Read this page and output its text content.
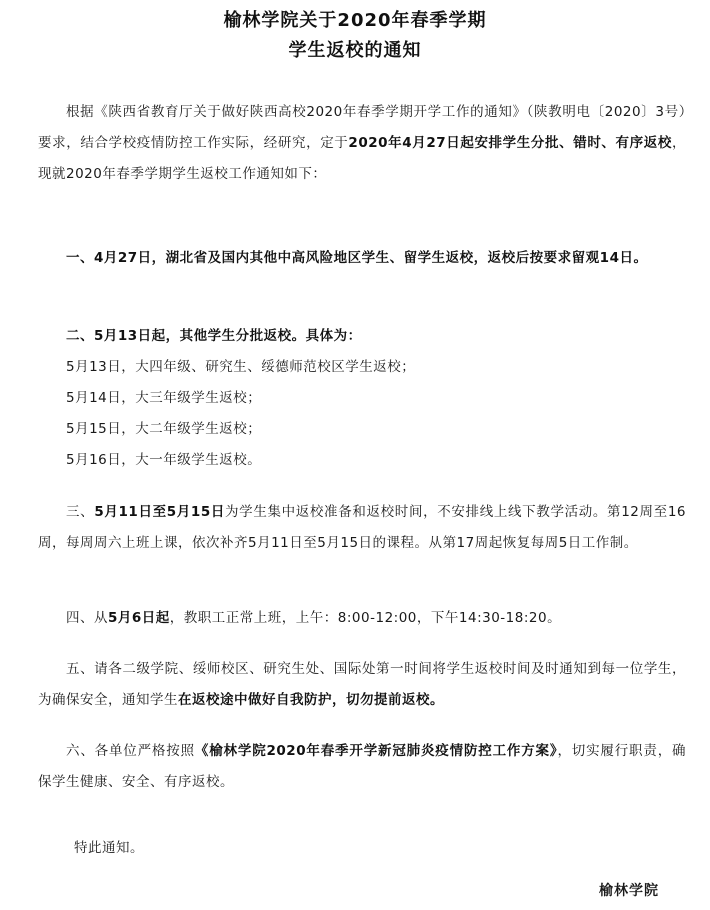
榆林学院关于2020年春季学期
学生返校的通知
根据《陕西省教育厅关于做好陕西高校2020年春季学期开学工作的通知》（陕教明电〔2020〕3号）要求，结合学校疫情防控工作实际，经研究，定于2020年4月27日起安排学生分批、错时、有序返校，现就2020年春季学期学生返校工作通知如下：
一、4月27日，湖北省及国内其他中高风险地区学生、留学生返校，返校后按要求留观14日。
二、5月13日起，其他学生分批返校。具体为：
5月13日，大四年级、研究生、绥德师范校区学生返校；
5月14日，大三年级学生返校；
5月15日，大二年级学生返校；
5月16日，大一年级学生返校。
三、5月11日至5月15日为学生集中返校准备和返校时间，不安排线上线下教学活动。第12周至16周，每周周六上班上课，依次补齐5月11日至5月15日的课程。从第17周起恢复每周5日工作制。
四、从5月6日起，教职工正常上班，上午：8:00-12:00，下午14:30-18:20。
五、请各二级学院、绥师校区、研究生处、国际处第一时间将学生返校时间及时通知到每一位学生，为确保安全，通知学生在返校途中做好自我防护，切勿提前返校。
六、各单位严格按照《榆林学院2020年春季开学新冠肺炎疫情防控工作方案》，切实履行职责，确保学生健康、安全、有序返校。
特此通知。
榆林学院
